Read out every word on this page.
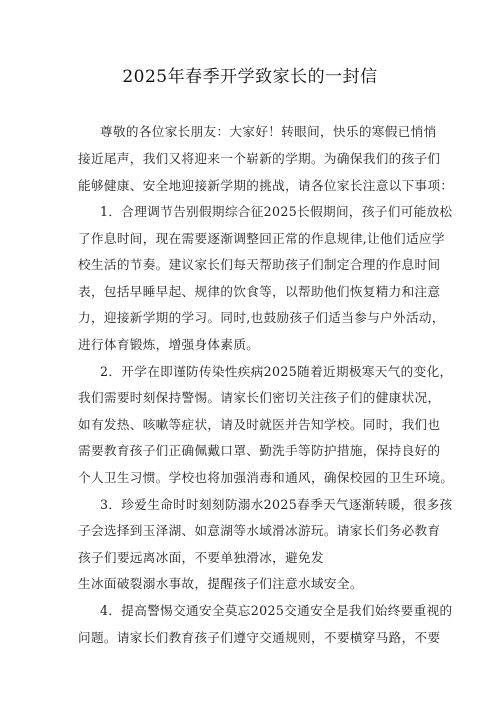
2025年春季开学致家长的一封信
尊敬的各位家长朋友：大家好！转眼间，快乐的寒假已悄悄
接近尾声，我们又将迎来一个崭新的学期。为确保我们的孩子们
能够健康、安全地迎接新学期的挑战，请各位家长注意以下事项：
1．合理调节告别假期综合征2025长假期间，孩子们可能放松
了作息时间，现在需要逐渐调整回正常的作息规律,让他们适应学
校生活的节奏。建议家长们每天帮助孩子们制定合理的作息时间
表，包括早睡早起、规律的饮食等，以帮助他们恢复精力和注意
力，迎接新学期的学习。同时,也鼓励孩子们适当参与户外活动，
进行体育锻炼，增强身体素质。
2．开学在即谨防传染性疾病2025随着近期极寒天气的变化，
我们需要时刻保持警惕。请家长们密切关注孩子们的健康状况，
如有发热、咳嗽等症状，请及时就医并告知学校。同时，我们也
需要教育孩子们正确佩戴口罩、勤洗手等防护措施，保持良好的
个人卫生习惯。学校也将加强消毒和通风，确保校园的卫生环境。
3．珍爱生命时时刻刻防溺水2025春季天气逐渐转暖，很多孩
子会选择到玉泽湖、如意湖等水域滑冰游玩。请家长们务必教育
孩子们要远离冰面，不要单独滑冰，避免发
生冰面破裂溺水事故，提醒孩子们注意水域安全。
4．提高警惕交通安全莫忘2025交通安全是我们始终要重视的
问题。请家长们教育孩子们遵守交通规则，不要横穿马路，不要
